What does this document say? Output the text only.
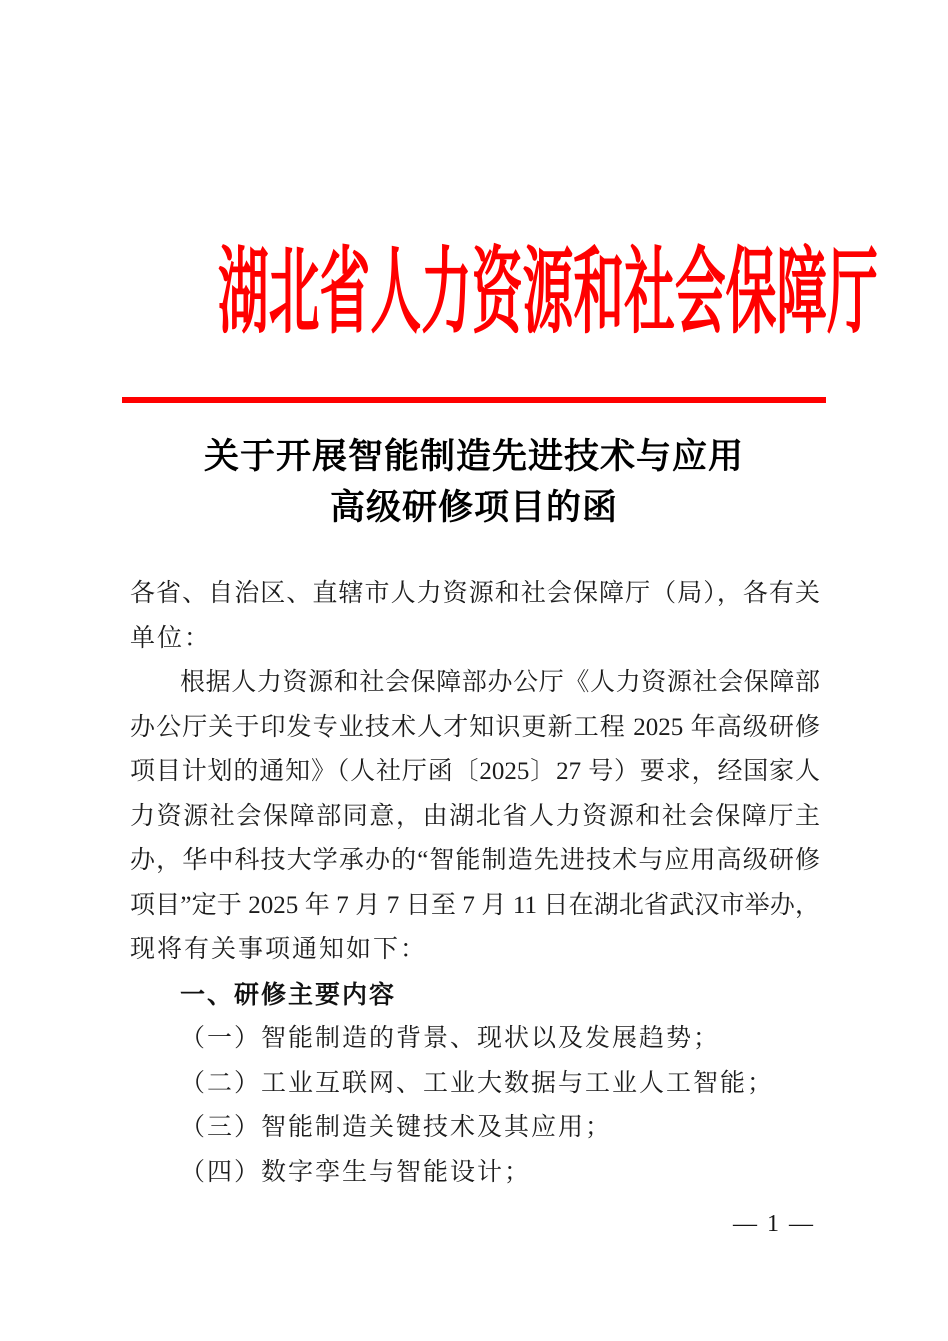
湖北省人力资源和社会保障厅
关于开展智能制造先进技术与应用
高级研修项目的函
各省、自治区、直辖市人力资源和社会保障厅（局），各有关
单位：
根据人力资源和社会保障部办公厅《人力资源社会保障部
办公厅关于印发专业技术人才知识更新工程 2025 年高级研修
项目计划的通知》（人社厅函〔2025〕27 号）要求，经国家人
力资源社会保障部同意，由湖北省人力资源和社会保障厅主
办，华中科技大学承办的“智能制造先进技术与应用高级研修
项目”定于 2025 年 7 月 7 日至 7 月 11 日在湖北省武汉市举办，
现将有关事项通知如下：
一、研修主要内容
（一）智能制造的背景、现状以及发展趋势；
（二）工业互联网、工业大数据与工业人工智能；
（三）智能制造关键技术及其应用；
（四）数字孪生与智能设计；
— 1 —
